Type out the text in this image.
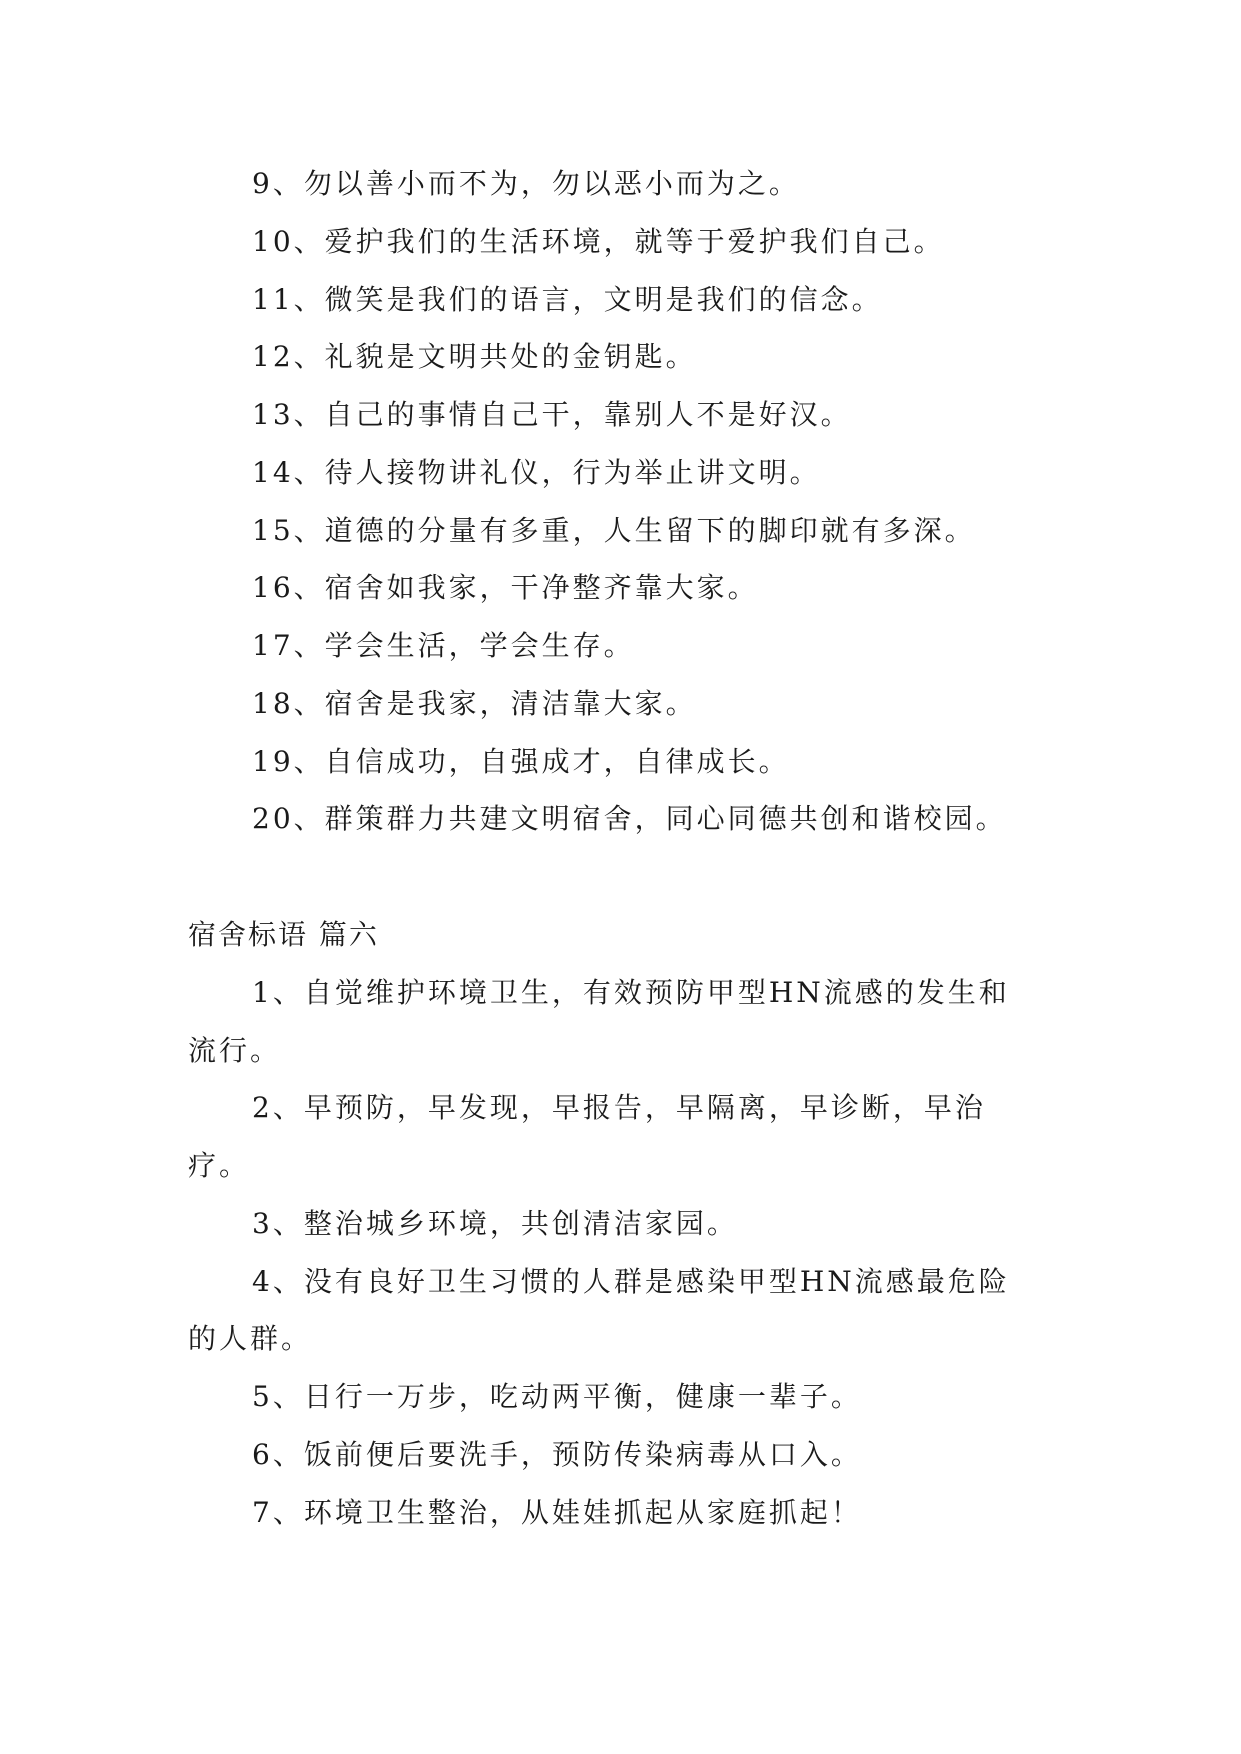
9、勿以善小而不为，勿以恶小而为之。
10、爱护我们的生活环境，就等于爱护我们自己。
11、微笑是我们的语言，文明是我们的信念。
12、礼貌是文明共处的金钥匙。
13、自己的事情自己干，靠别人不是好汉。
14、待人接物讲礼仪，行为举止讲文明。
15、道德的分量有多重，人生留下的脚印就有多深。
16、宿舍如我家，干净整齐靠大家。
17、学会生活，学会生存。
18、宿舍是我家，清洁靠大家。
19、自信成功，自强成才，自律成长。
20、群策群力共建文明宿舍，同心同德共创和谐校园。
宿舍标语 篇六
1、自觉维护环境卫生，有效预防甲型HN流感的发生和
流行。
2、早预防，早发现，早报告，早隔离，早诊断，早治
疗。
3、整治城乡环境，共创清洁家园。
4、没有良好卫生习惯的人群是感染甲型HN流感最危险
的人群。
5、日行一万步，吃动两平衡，健康一辈子。
6、饭前便后要洗手，预防传染病毒从口入。
7、环境卫生整治，从娃娃抓起从家庭抓起！
